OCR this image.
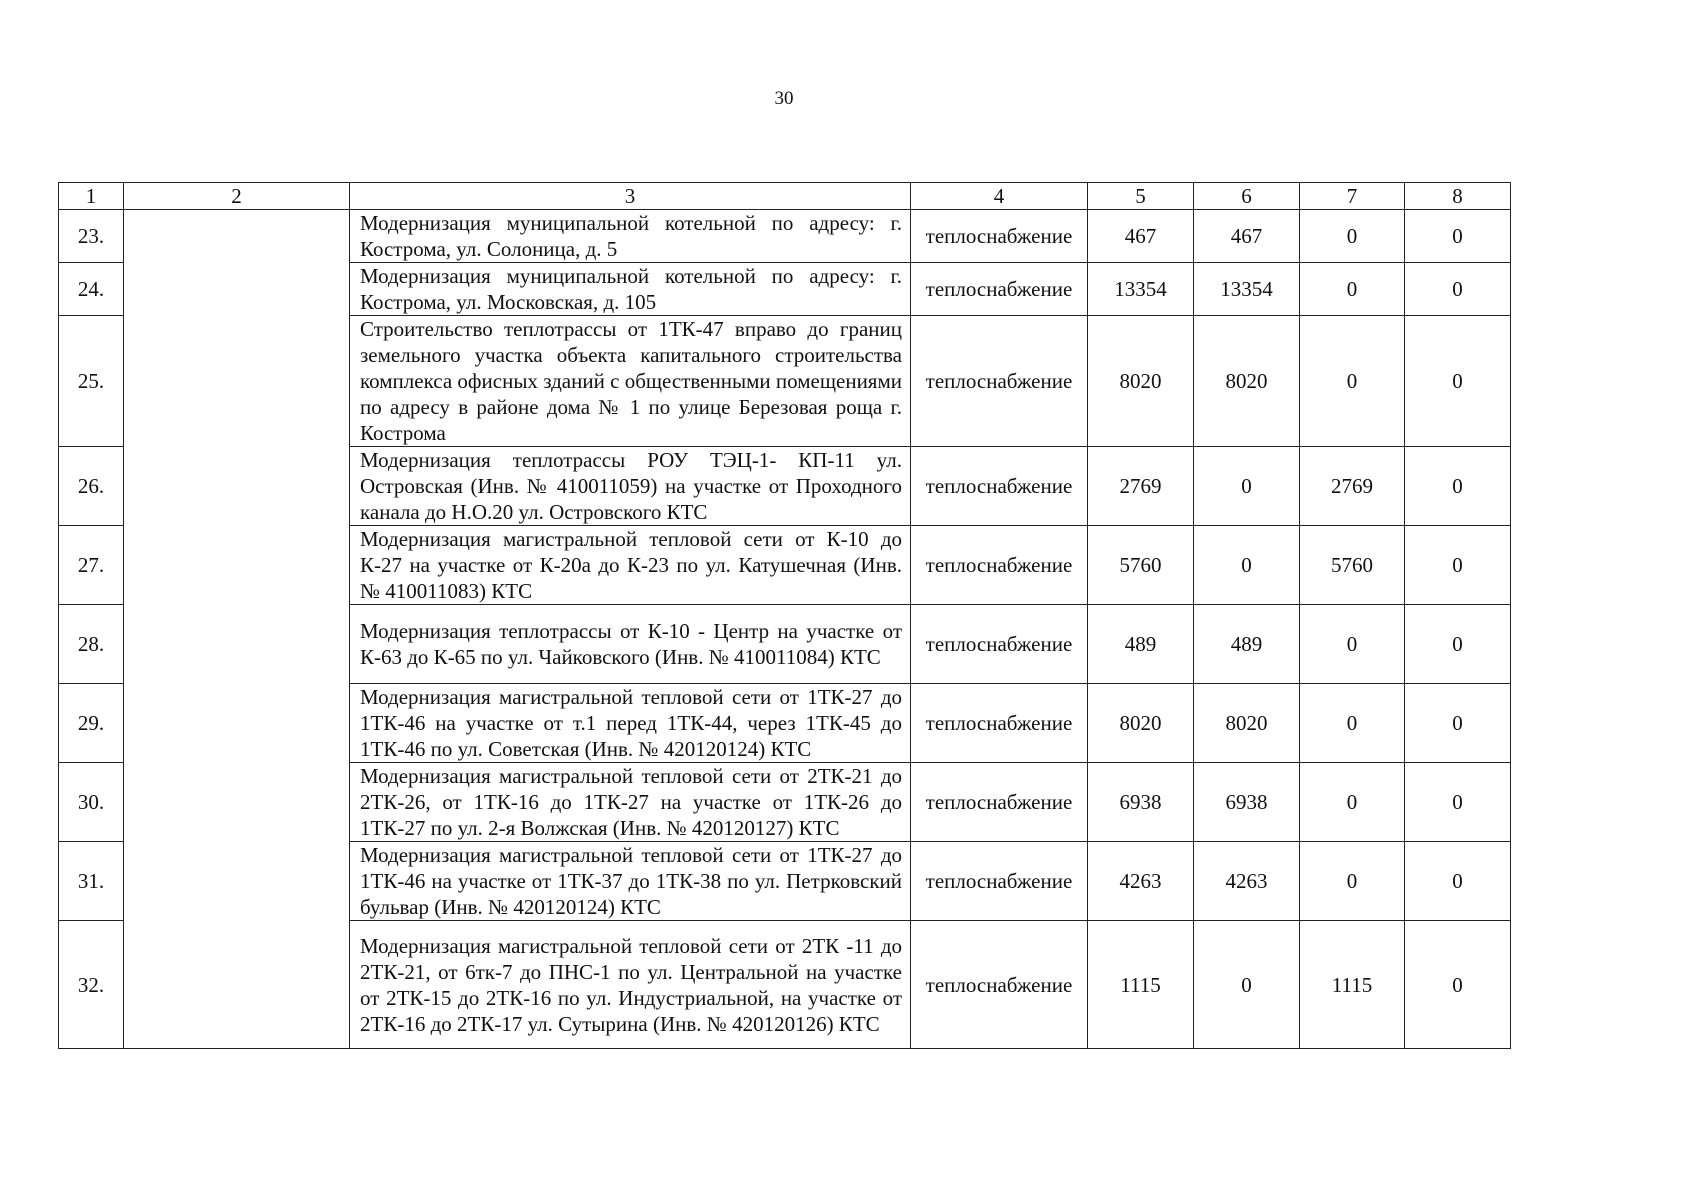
30
1	2	3	4	5	6	7	8
23.		Модернизация муниципальной котельной по адресу: г. Кострома, ул. Солоница, д. 5	теплоснабжение	467	467	0	0
24.		Модернизация муниципальной котельной по адресу: г. Кострома, ул. Московская, д. 105	теплоснабжение	13354	13354	0	0
25.		Строительство теплотрассы от 1ТК-47 вправо до границ земельного участка объекта капитального строительства комплекса офисных зданий с общественными помещениями по адресу в районе дома № 1 по улице Березовая роща г. Кострома	теплоснабжение	8020	8020	0	0
26.		Модернизация теплотрассы РОУ ТЭЦ-1- КП-11 ул. Островская (Инв. № 410011059) на участке от Проходного канала до Н.О.20 ул. Островского КТС	теплоснабжение	2769	0	2769	0
27.		Модернизация магистральной тепловой сети от К-10 до К-27 на участке от К-20а до К-23 по ул. Катушечная (Инв. № 410011083) КТС	теплоснабжение	5760	0	5760	0
28.		Модернизация теплотрассы от К-10 - Центр на участке от К-63 до К-65 по ул. Чайковского (Инв. № 410011084) КТС	теплоснабжение	489	489	0	0
29.		Модернизация магистральной тепловой сети от 1ТК-27 до 1ТК-46 на участке от т.1 перед 1ТК-44, через 1ТК-45 до 1ТК-46 по ул. Советская (Инв. № 420120124) КТС	теплоснабжение	8020	8020	0	0
30.		Модернизация магистральной тепловой сети от 2ТК-21 до 2ТК-26, от 1ТК-16 до 1ТК-27 на участке от 1ТК-26 до 1ТК-27 по ул. 2-я Волжская (Инв. № 420120127) КТС	теплоснабжение	6938	6938	0	0
31.		Модернизация магистральной тепловой сети от 1ТК-27 до 1ТК-46 на участке от 1ТК-37 до 1ТК-38 по ул. Петрковский бульвар (Инв. № 420120124) КТС	теплоснабжение	4263	4263	0	0
32.		Модернизация магистральной тепловой сети от 2ТК -11 до 2ТК-21, от 6тк-7 до ПНС-1 по ул. Центральной на участке от 2ТК-15 до 2ТК-16 по ул. Индустриальной, на участке от 2ТК-16 до 2ТК-17 ул. Сутырина (Инв. № 420120126) КТС	теплоснабжение	1115	0	1115	0
